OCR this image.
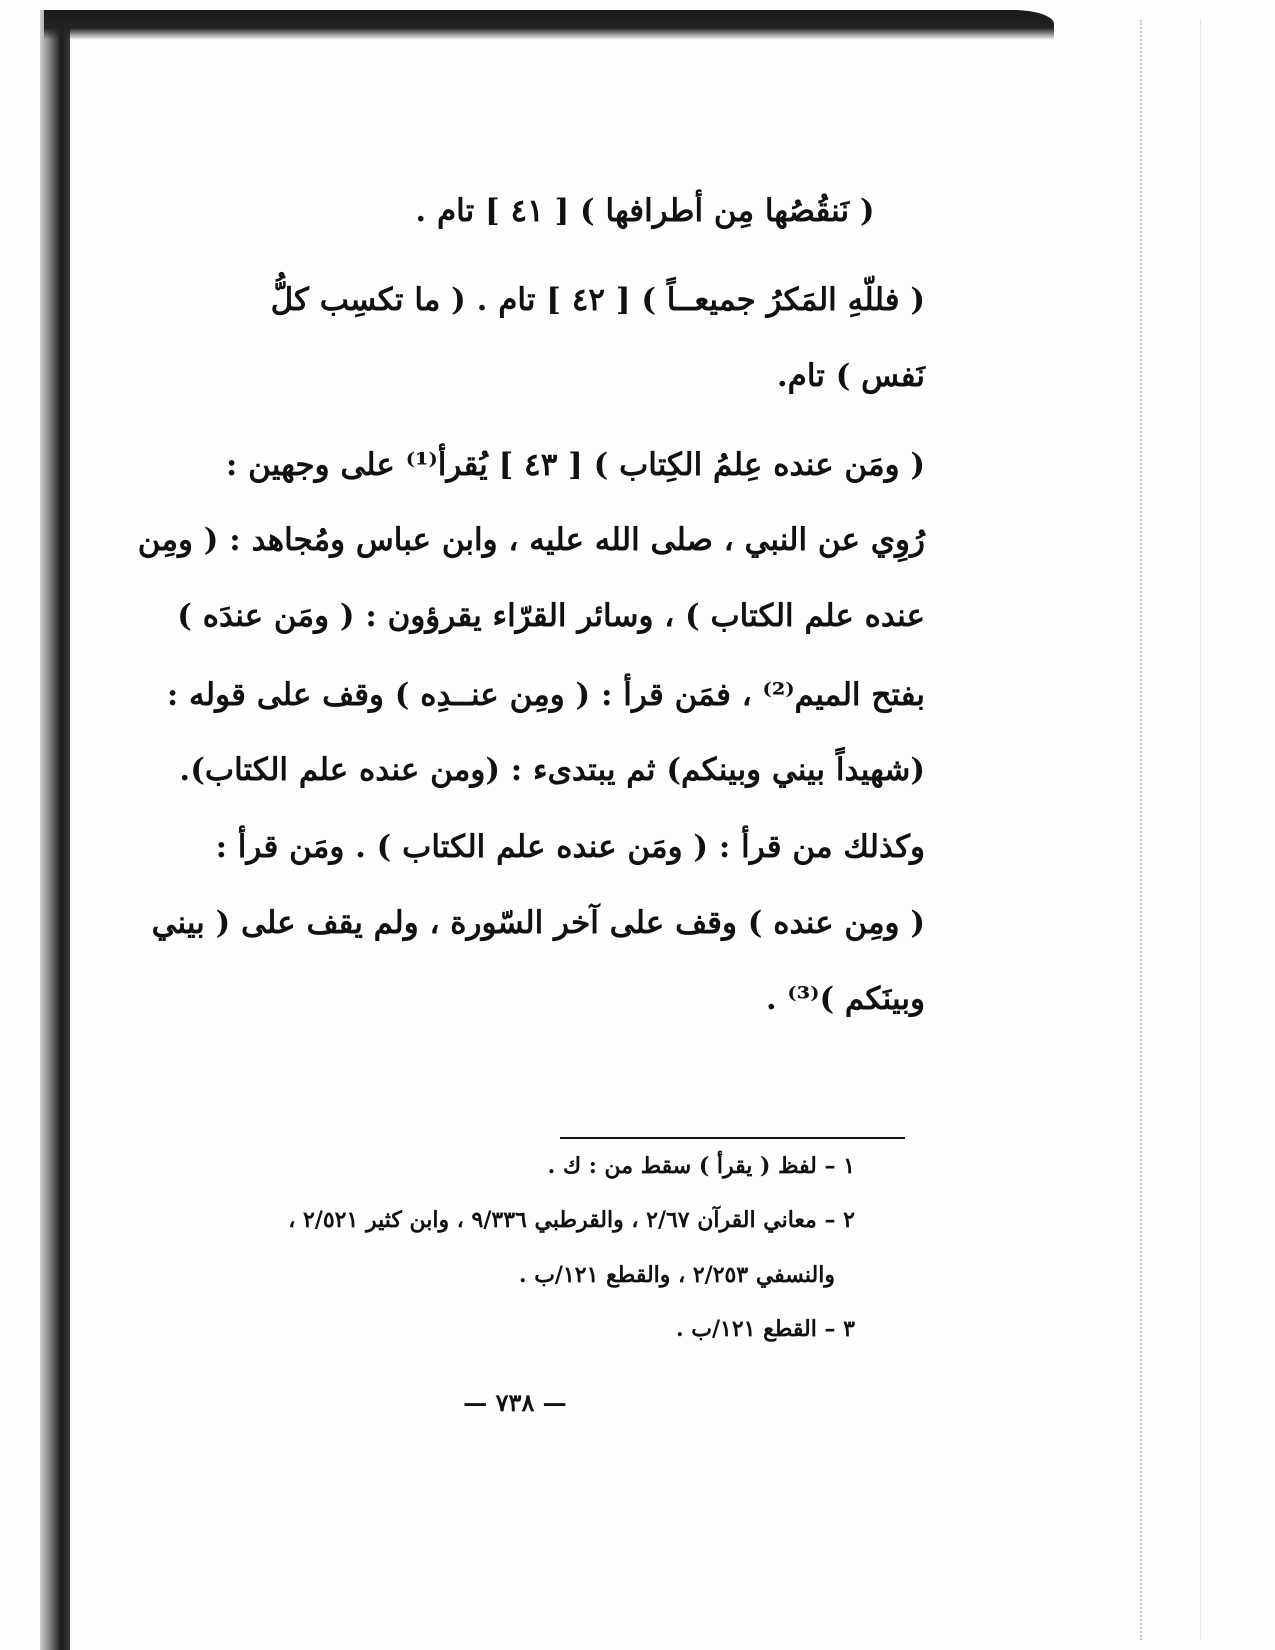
( نَنقُصُها مِن أطرافها ) [ ٤١ ] تام .
( فللّهِ المَكرُ جميعــاً ) [ ٤٢ ] تام . ( ما تكسِب كلُّ
نَفس ) تام.
( ومَن عنده عِلمُ الكِتاب ) [ ٤٣ ] يُقرأ⁽¹⁾ على وجهين :
رُوِي عن النبي ، صلى الله عليه ، وابن عباس ومُجاهد : ( ومِن
عنده علم الكتاب ) ، وسائر القرّاء يقرؤون : ( ومَن عندَه )
بفتح الميم⁽²⁾ ، فمَن قرأ : ( ومِن عنــدِه ) وقف على قوله :
(شهيداً بيني وبينكم) ثم يبتدىء : (ومن عنده علم الكتاب).
وكذلك من قرأ : ( ومَن عنده علم الكتاب ) . ومَن قرأ :
( ومِن عنده ) وقف على آخر السّورة ، ولم يقف على ( بيني
وبينَكم )⁽³⁾ .
١ – لفظ ( يقرأ ) سقط من : ك .
٢ – معاني القرآن ٢/٦٧ ، والقرطبي ٩/٣٣٦ ، وابن كثير ٢/٥٢١ ،
والنسفي ٢/٢٥٣ ، والقطع ١٢١/ب .
٣ – القطع ١٢١/ب .
— ٧٣٨ —
